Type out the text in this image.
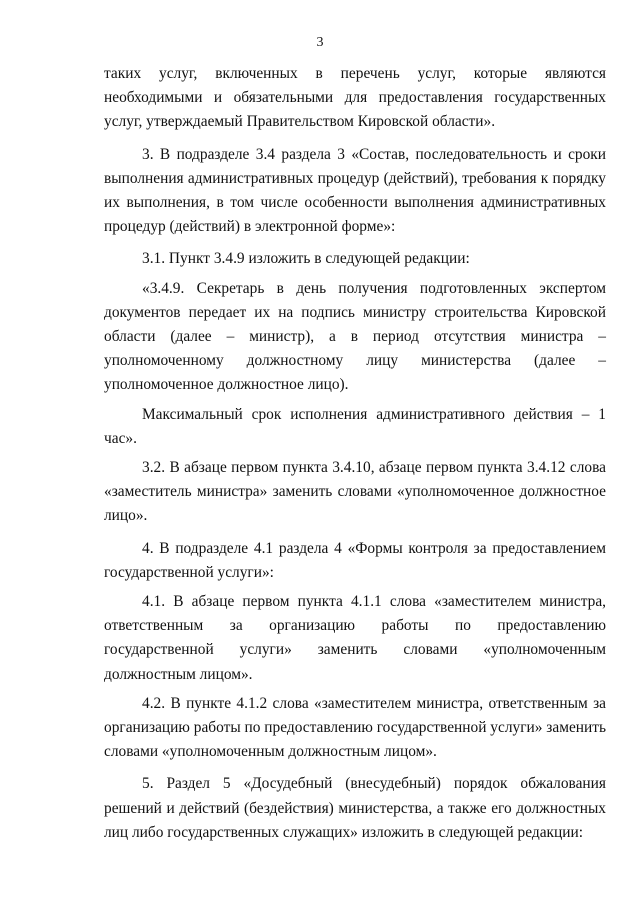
3

таких услуг, включенных в перечень услуг, которые являются необходимыми и обязательными для предоставления государственных услуг, утверждаемый Правительством Кировской области».

3. В подразделе 3.4 раздела 3 «Состав, последовательность и сроки выполнения административных процедур (действий), требования к порядку их выполнения, в том числе особенности выполнения административных процедур (действий) в электронной форме»:

3.1. Пункт 3.4.9 изложить в следующей редакции:

«3.4.9. Секретарь в день получения подготовленных экспертом документов передает их на подпись министру строительства Кировской области (далее – министр), а в период отсутствия министра – уполномоченному должностному лицу министерства (далее – уполномоченное должностное лицо).

Максимальный срок исполнения административного действия – 1 час».

3.2. В абзаце первом пункта 3.4.10, абзаце первом пункта 3.4.12 слова «заместитель министра» заменить словами «уполномоченное должностное лицо».

4. В подразделе 4.1 раздела 4 «Формы контроля за предоставлением государственной услуги»:

4.1. В абзаце первом пункта 4.1.1 слова «заместителем министра, ответственным за организацию работы по предоставлению государственной услуги» заменить словами «уполномоченным должностным лицом».

4.2. В пункте 4.1.2 слова «заместителем министра, ответственным за организацию работы по предоставлению государственной услуги» заменить словами «уполномоченным должностным лицом».

5. Раздел 5 «Досудебный (внесудебный) порядок обжалования решений и действий (бездействия) министерства, а также его должностных лиц либо государственных служащих» изложить в следующей редакции:
